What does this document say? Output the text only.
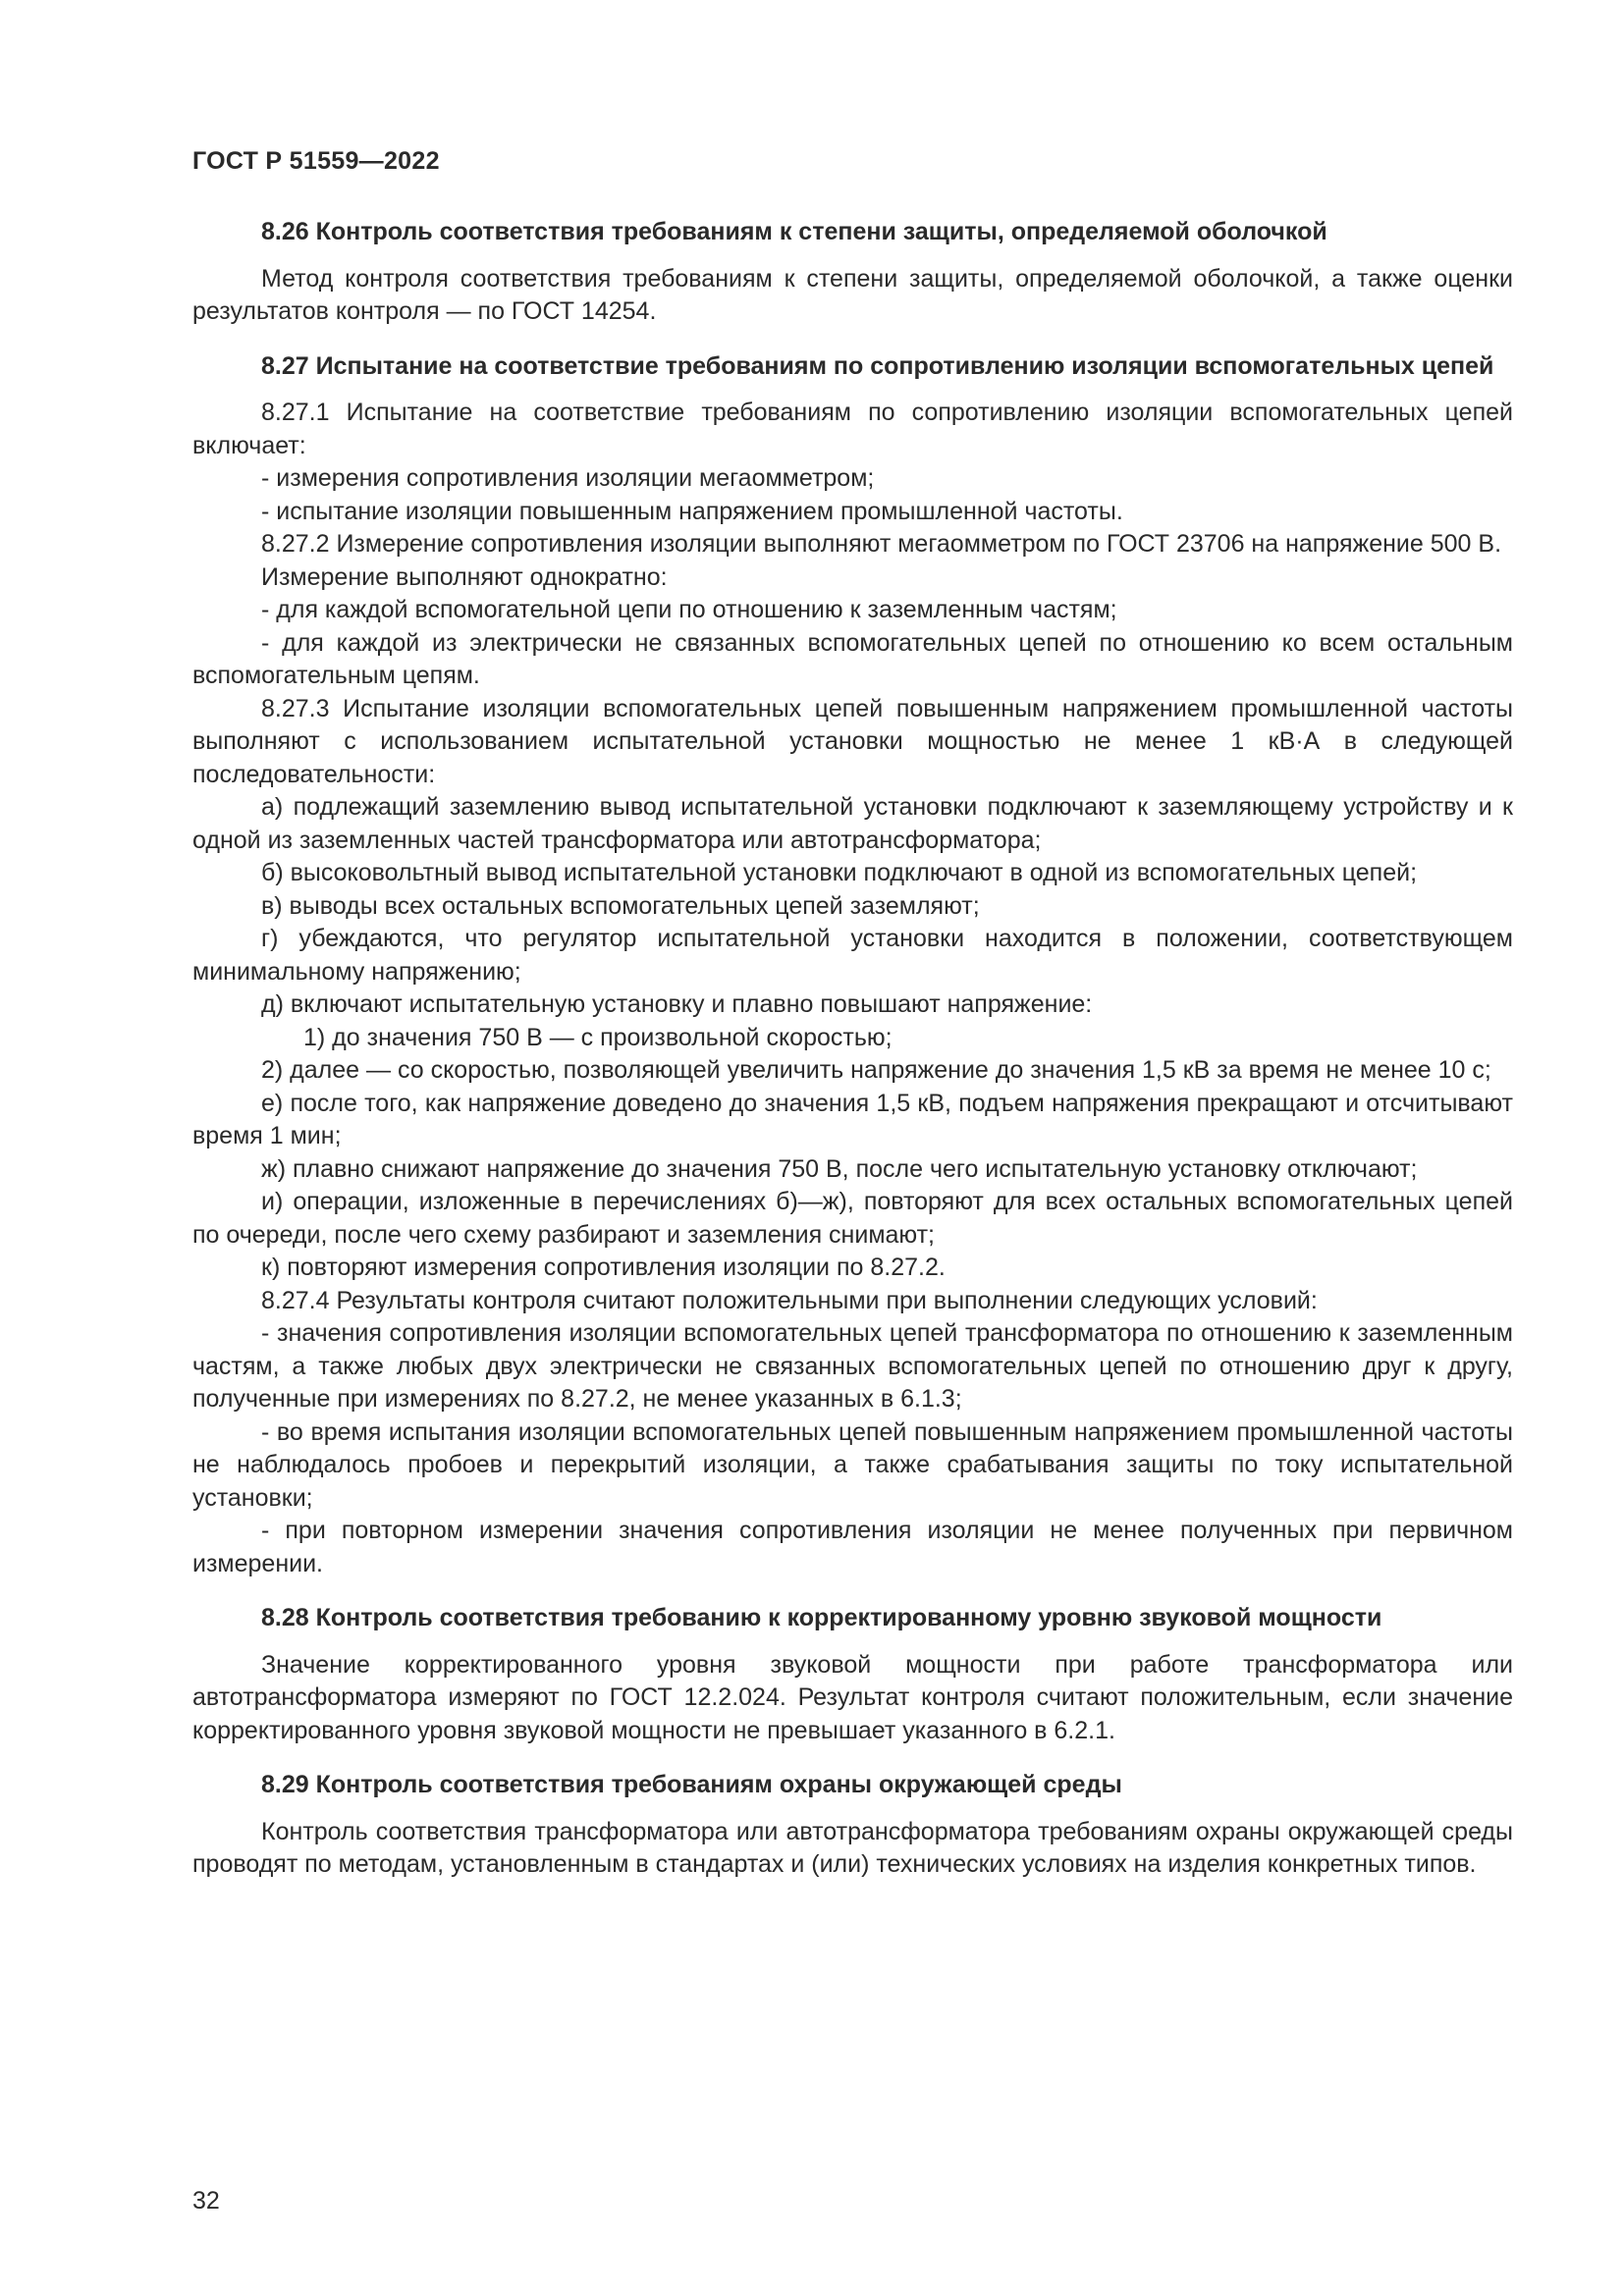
ГОСТ Р 51559—2022
8.26 Контроль соответствия требованиям к степени защиты, определяемой оболочкой
Метод контроля соответствия требованиям к степени защиты, определяемой оболочкой, а также оценки результатов контроля — по ГОСТ 14254.
8.27 Испытание на соответствие требованиям по сопротивлению изоляции вспомогательных цепей
8.27.1 Испытание на соответствие требованиям по сопротивлению изоляции вспомогательных цепей включает:
- измерения сопротивления изоляции мегаомметром;
- испытание изоляции повышенным напряжением промышленной частоты.
8.27.2 Измерение сопротивления изоляции выполняют мегаомметром по ГОСТ 23706 на напряжение 500 В.
Измерение выполняют однократно:
- для каждой вспомогательной цепи по отношению к заземленным частям;
- для каждой из электрически не связанных вспомогательных цепей по отношению ко всем остальным вспомогательным цепям.
8.27.3 Испытание изоляции вспомогательных цепей повышенным напряжением промышленной частоты выполняют с использованием испытательной установки мощностью не менее 1 кВ·А в следующей последовательности:
а) подлежащий заземлению вывод испытательной установки подключают к заземляющему устройству и к одной из заземленных частей трансформатора или автотрансформатора;
б) высоковольтный вывод испытательной установки подключают в одной из вспомогательных цепей;
в) выводы всех остальных вспомогательных цепей заземляют;
г) убеждаются, что регулятор испытательной установки находится в положении, соответствующем минимальному напряжению;
д) включают испытательную установку и плавно повышают напряжение:
1) до значения 750 В — с произвольной скоростью;
2) далее — со скоростью, позволяющей увеличить напряжение до значения 1,5 кВ за время не менее 10 с;
е) после того, как напряжение доведено до значения 1,5 кВ, подъем напряжения прекращают и отсчитывают время 1 мин;
ж) плавно снижают напряжение до значения 750 В, после чего испытательную установку отключают;
и) операции, изложенные в перечислениях б)—ж), повторяют для всех остальных вспомогательных цепей по очереди, после чего схему разбирают и заземления снимают;
к) повторяют измерения сопротивления изоляции по 8.27.2.
8.27.4 Результаты контроля считают положительными при выполнении следующих условий:
- значения сопротивления изоляции вспомогательных цепей трансформатора по отношению к заземленным частям, а также любых двух электрически не связанных вспомогательных цепей по отношению друг к другу, полученные при измерениях по 8.27.2, не менее указанных в 6.1.3;
- во время испытания изоляции вспомогательных цепей повышенным напряжением промышленной частоты не наблюдалось пробоев и перекрытий изоляции, а также срабатывания защиты по току испытательной установки;
- при повторном измерении значения сопротивления изоляции не менее полученных при первичном измерении.
8.28 Контроль соответствия требованию к корректированному уровню звуковой мощности
Значение корректированного уровня звуковой мощности при работе трансформатора или автотрансформатора измеряют по ГОСТ 12.2.024. Результат контроля считают положительным, если значение корректированного уровня звуковой мощности не превышает указанного в 6.2.1.
8.29 Контроль соответствия требованиям охраны окружающей среды
Контроль соответствия трансформатора или автотрансформатора требованиям охраны окружающей среды проводят по методам, установленным в стандартах и (или) технических условиях на изделия конкретных типов.
32
